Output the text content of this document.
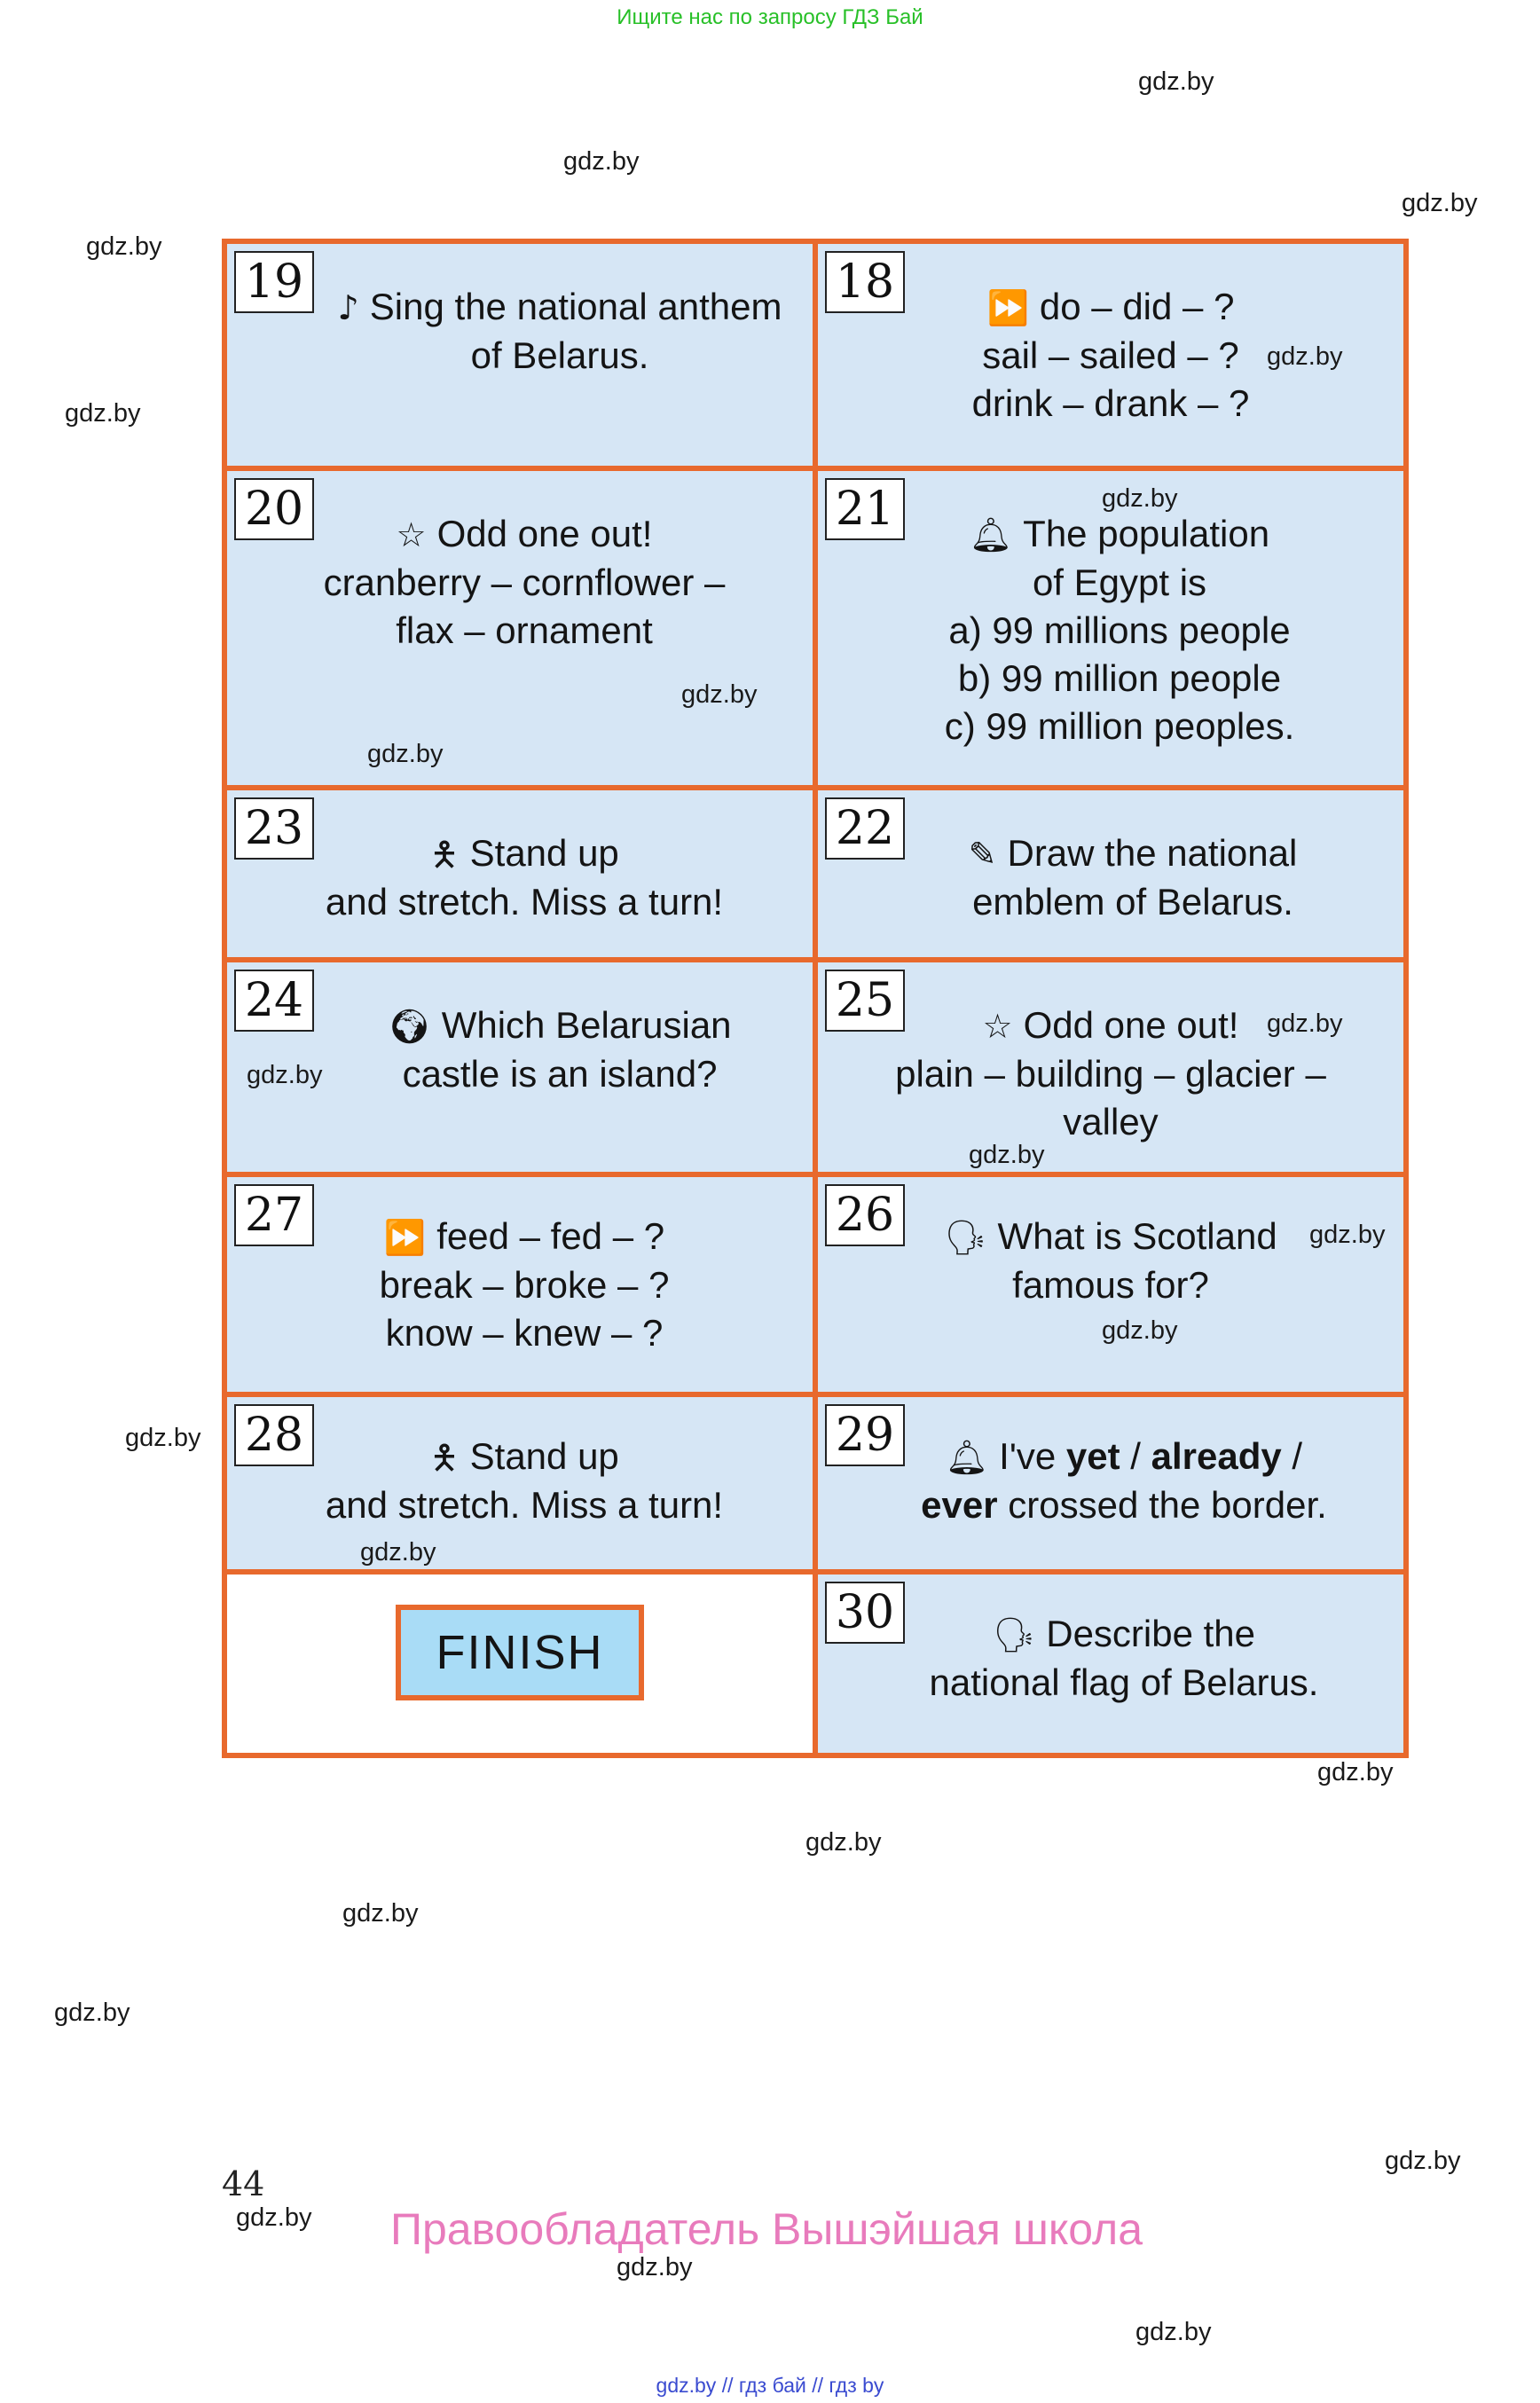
Ищите нас по запросу ГДЗ Бай
gdz.by
gdz.by
gdz.by
gdz.by
gdz.by
gdz.by
gdz.by
gdz.by
gdz.by
gdz.by
gdz.by
gdz.by
gdz.by
gdz.by
19	♪ Sing the national anthem
of Belarus.
18	⏩ do – did – ?
sail – sailed – ?
drink – drank – ?
gdz.by
20	☆ Odd one out!
cranberry – cornflower –
flax – ornament
gdz.by
gdz.by
21	gdz.by
🔔︎ The population
of Egypt is
a) 99 millions people
b) 99 million people
c) 99 million peoples.
23	🯅 Stand up
and stretch. Miss a turn!
22	✎ Draw the national
emblem of Belarus.
24	🌍︎ Which Belarusian
castle is an island?
gdz.by
25	☆ Odd one out!
plain – building – glacier –
valley
gdz.by
gdz.by
27	⏩ feed – fed – ?
break – broke – ?
know – knew – ?
26	🗣︎ What is Scotland
famous for?
gdz.by
gdz.by
28	🯅 Stand up
and stretch. Miss a turn!
gdz.by
29	🔔︎ I've yet / already /
ever crossed the border.
FINISH
30	🗣︎ Describe the
national flag of Belarus.
44
Правообладатель Вышэйшая школа
gdz.by // гдз бай // гдз by
